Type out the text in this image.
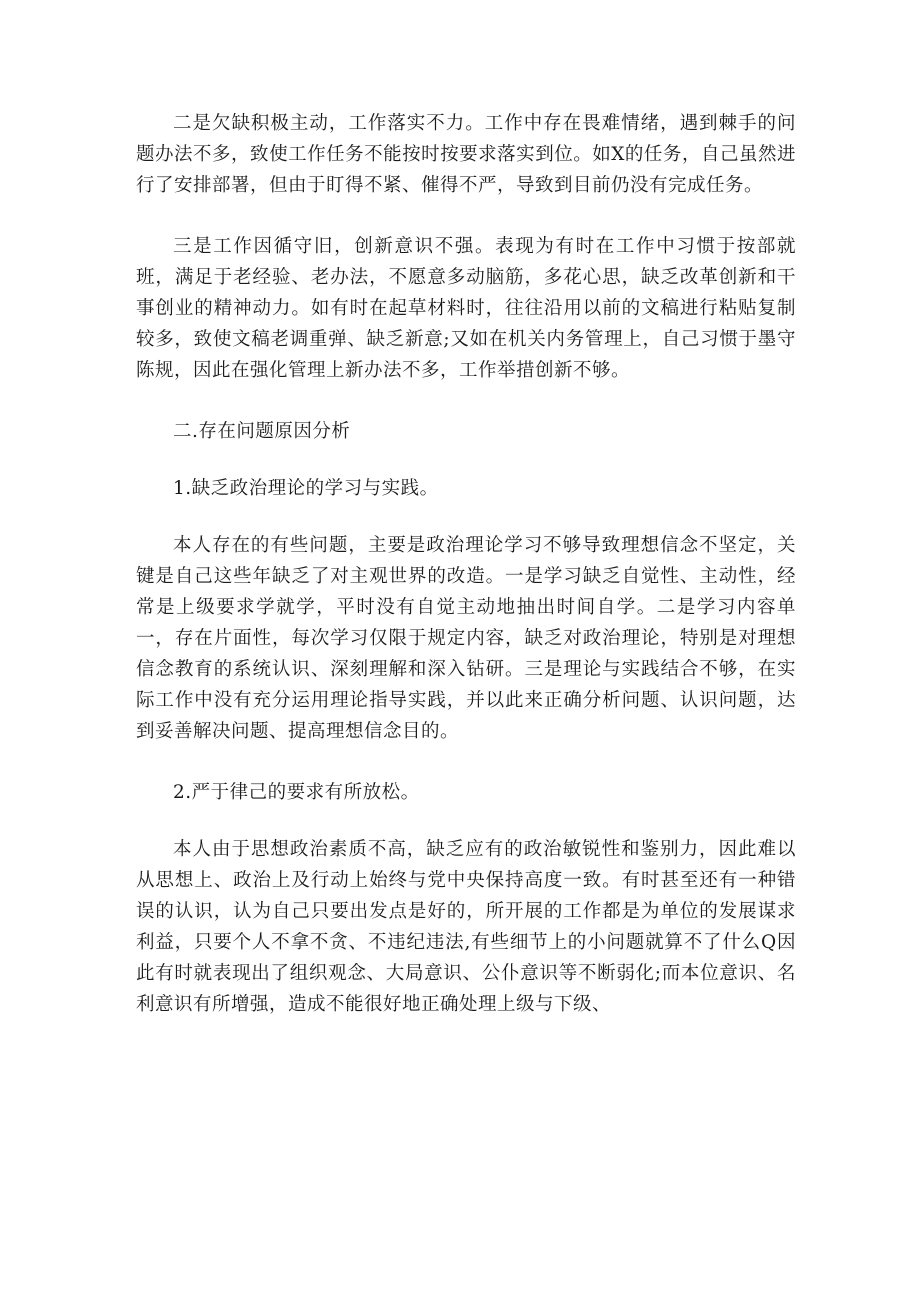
二是欠缺积极主动，工作落实不力。工作中存在畏难情绪，遇到棘手的问题办法不多，致使工作任务不能按时按要求落实到位。如X的任务，自己虽然进行了安排部署，但由于盯得不紧、催得不严，导致到目前仍没有完成任务。

三是工作因循守旧，创新意识不强。表现为有时在工作中习惯于按部就班，满足于老经验、老办法，不愿意多动脑筋，多花心思，缺乏改革创新和干事创业的精神动力。如有时在起草材料时，往往沿用以前的文稿进行粘贴复制较多，致使文稿老调重弹、缺乏新意;又如在机关内务管理上，自己习惯于墨守陈规，因此在强化管理上新办法不多，工作举措创新不够。

二.存在问题原因分析

1.缺乏政治理论的学习与实践。

本人存在的有些问题，主要是政治理论学习不够导致理想信念不坚定，关键是自己这些年缺乏了对主观世界的改造。一是学习缺乏自觉性、主动性，经常是上级要求学就学，平时没有自觉主动地抽出时间自学。二是学习内容单一，存在片面性，每次学习仅限于规定内容，缺乏对政治理论，特别是对理想信念教育的系统认识、深刻理解和深入钻研。三是理论与实践结合不够，在实际工作中没有充分运用理论指导实践，并以此来正确分析问题、认识问题，达到妥善解决问题、提高理想信念目的。

2.严于律己的要求有所放松。

本人由于思想政治素质不高，缺乏应有的政治敏锐性和鉴别力，因此难以从思想上、政治上及行动上始终与党中央保持高度一致。有时甚至还有一种错误的认识，认为自己只要出发点是好的，所开展的工作都是为单位的发展谋求利益，只要个人不拿不贪、不违纪违法,有些细节上的小问题就算不了什么Q因此有时就表现出了组织观念、大局意识、公仆意识等不断弱化;而本位意识、名利意识有所增强，造成不能很好地正确处理上级与下级、
